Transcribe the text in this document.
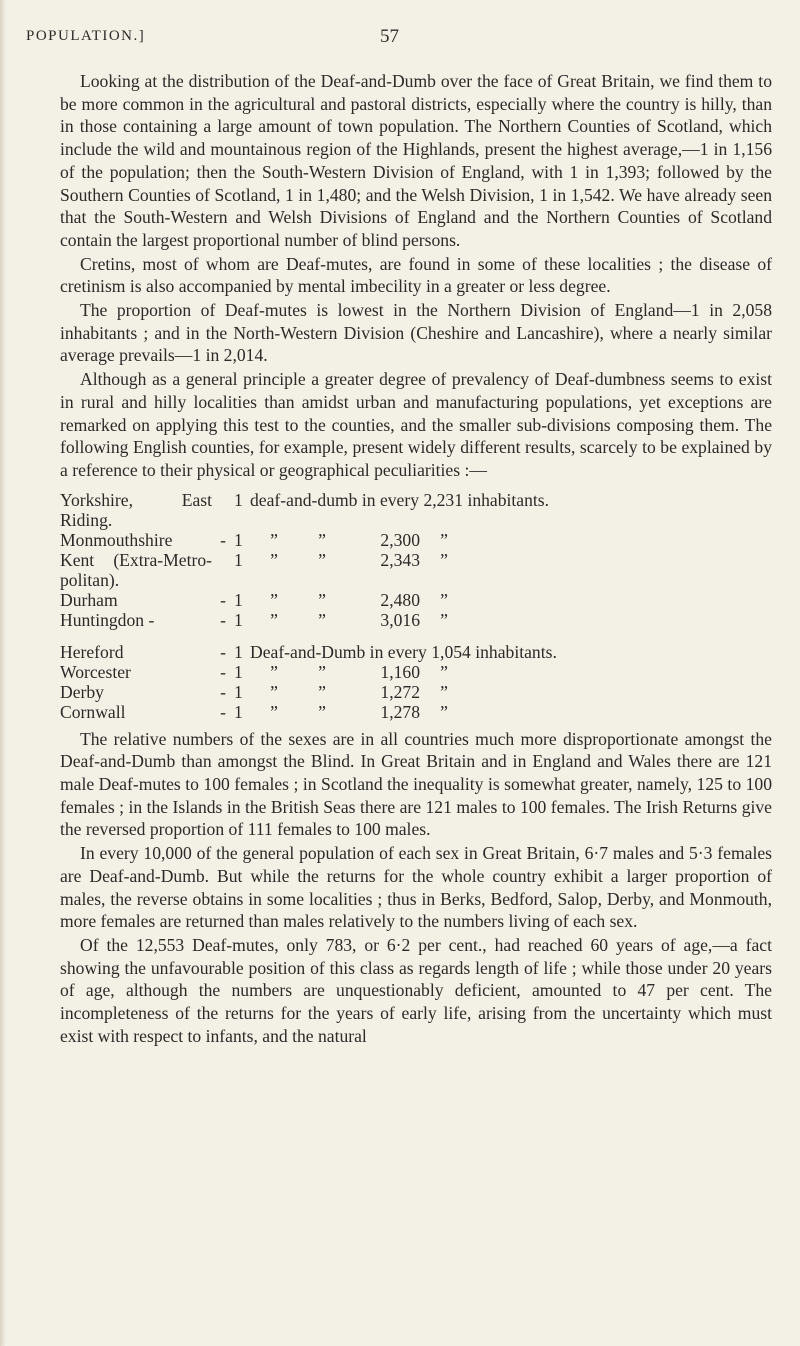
POPULATION.]	57

Looking at the distribution of the Deaf-and-Dumb over the face of Great Britain, we find them to be more common in the agricultural and pastoral districts, especially where the country is hilly, than in those containing a large amount of town population. The Northern Counties of Scotland, which include the wild and mountainous region of the Highlands, present the highest average,—1 in 1,156 of the population; then the South-Western Division of England, with 1 in 1,393; followed by the Southern Counties of Scotland, 1 in 1,480; and the Welsh Division, 1 in 1,542. We have already seen that the South-Western and Welsh Divisions of England and the Northern Counties of Scotland contain the largest proportional number of blind persons.

Cretins, most of whom are Deaf-mutes, are found in some of these localities ; the disease of cretinism is also accompanied by mental imbecility in a greater or less degree.

The proportion of Deaf-mutes is lowest in the Northern Division of England—1 in 2,058 inhabitants ; and in the North-Western Division (Cheshire and Lancashire), where a nearly similar average prevails—1 in 2,014.

Although as a general principle a greater degree of prevalency of Deaf-dumbness seems to exist in rural and hilly localities than amidst urban and manufacturing populations, yet exceptions are remarked on applying this test to the counties, and the smaller sub-divisions composing them. The following English counties, for example, present widely different results, scarcely to be explained by a reference to their physical or geographical peculiarities :—

Yorkshire, East Riding.		1	deaf-and-dumb in every 2,231 inhabitants.
Monmouthshire	-	1	” ” 2,300 ”
Kent (Extra-Metro-politan).		1	” ” 2,343 ”
Durham	-	1	” ” 2,480 ”
Huntingdon -	-	1	” ” 3,016 ”
Hereford	-	1	Deaf-and-Dumb in every 1,054 inhabitants.
Worcester	-	1	” ” 1,160 ”
Derby	-	1	” ” 1,272 ”
Cornwall	-	1	” ” 1,278 ”

The relative numbers of the sexes are in all countries much more disproportionate amongst the Deaf-and-Dumb than amongst the Blind. In Great Britain and in England and Wales there are 121 male Deaf-mutes to 100 females ; in Scotland the inequality is somewhat greater, namely, 125 to 100 females ; in the Islands in the British Seas there are 121 males to 100 females. The Irish Returns give the reversed proportion of 111 females to 100 males.

In every 10,000 of the general population of each sex in Great Britain, 6·7 males and 5·3 females are Deaf-and-Dumb. But while the returns for the whole country exhibit a larger proportion of males, the reverse obtains in some localities ; thus in Berks, Bedford, Salop, Derby, and Monmouth, more females are returned than males relatively to the numbers living of each sex.

Of the 12,553 Deaf-mutes, only 783, or 6·2 per cent., had reached 60 years of age,—a fact showing the unfavourable position of this class as regards length of life ; while those under 20 years of age, although the numbers are unquestionably deficient, amounted to 47 per cent. The incompleteness of the returns for the years of early life, arising from the uncertainty which must exist with respect to infants, and the natural
